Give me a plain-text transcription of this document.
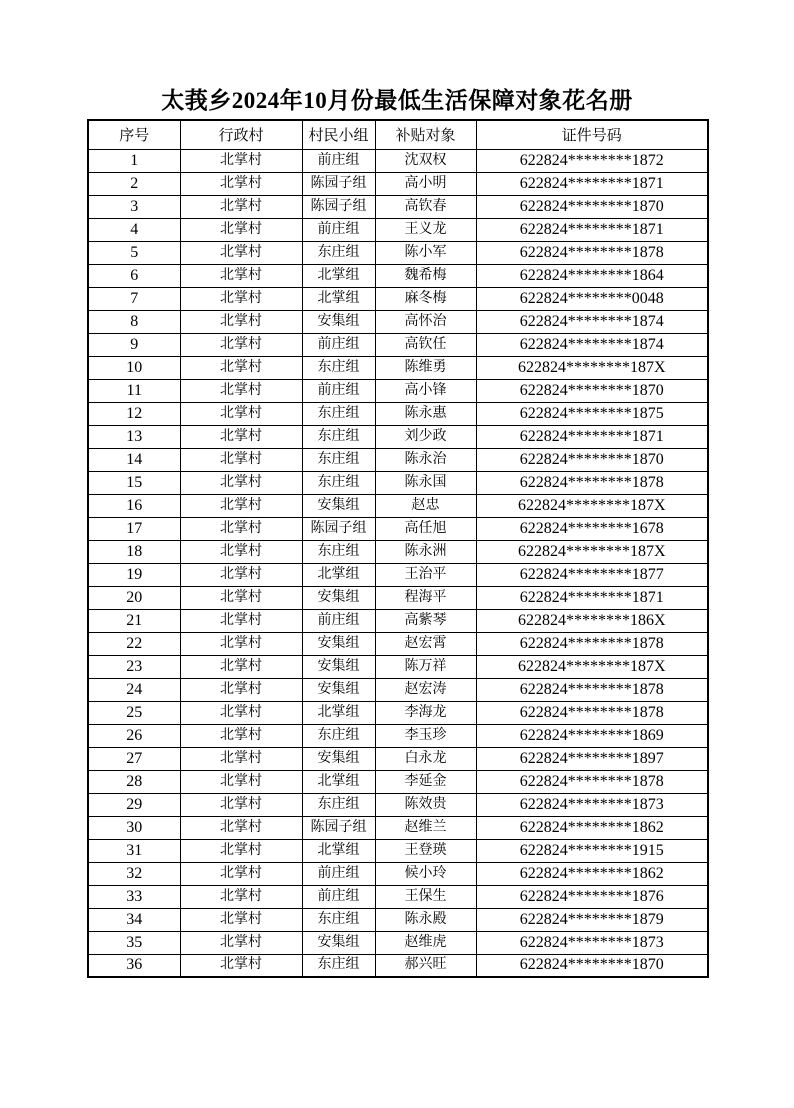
太莪乡2024年10月份最低生活保障对象花名册
序号	行政村	村民小组	补贴对象	证件号码
1	北掌村	前庄组	沈双权	622824********1872
2	北掌村	陈园子组	高小明	622824********1871
3	北掌村	陈园子组	高钦春	622824********1870
4	北掌村	前庄组	王义龙	622824********1871
5	北掌村	东庄组	陈小军	622824********1878
6	北掌村	北掌组	魏希梅	622824********1864
7	北掌村	北掌组	麻冬梅	622824********0048
8	北掌村	安集组	高怀治	622824********1874
9	北掌村	前庄组	高钦任	622824********1874
10	北掌村	东庄组	陈维勇	622824********187X
11	北掌村	前庄组	高小锋	622824********1870
12	北掌村	东庄组	陈永惠	622824********1875
13	北掌村	东庄组	刘少政	622824********1871
14	北掌村	东庄组	陈永治	622824********1870
15	北掌村	东庄组	陈永国	622824********1878
16	北掌村	安集组	赵忠	622824********187X
17	北掌村	陈园子组	高任旭	622824********1678
18	北掌村	东庄组	陈永洲	622824********187X
19	北掌村	北掌组	王治平	622824********1877
20	北掌村	安集组	程海平	622824********1871
21	北掌村	前庄组	高紫琴	622824********186X
22	北掌村	安集组	赵宏霄	622824********1878
23	北掌村	安集组	陈万祥	622824********187X
24	北掌村	安集组	赵宏涛	622824********1878
25	北掌村	北掌组	李海龙	622824********1878
26	北掌村	东庄组	李玉珍	622824********1869
27	北掌村	安集组	白永龙	622824********1897
28	北掌村	北掌组	李延金	622824********1878
29	北掌村	东庄组	陈效贵	622824********1873
30	北掌村	陈园子组	赵维兰	622824********1862
31	北掌村	北掌组	王登瑛	622824********1915
32	北掌村	前庄组	候小玲	622824********1862
33	北掌村	前庄组	王保生	622824********1876
34	北掌村	东庄组	陈永殿	622824********1879
35	北掌村	安集组	赵维虎	622824********1873
36	北掌村	东庄组	郝兴旺	622824********1870
